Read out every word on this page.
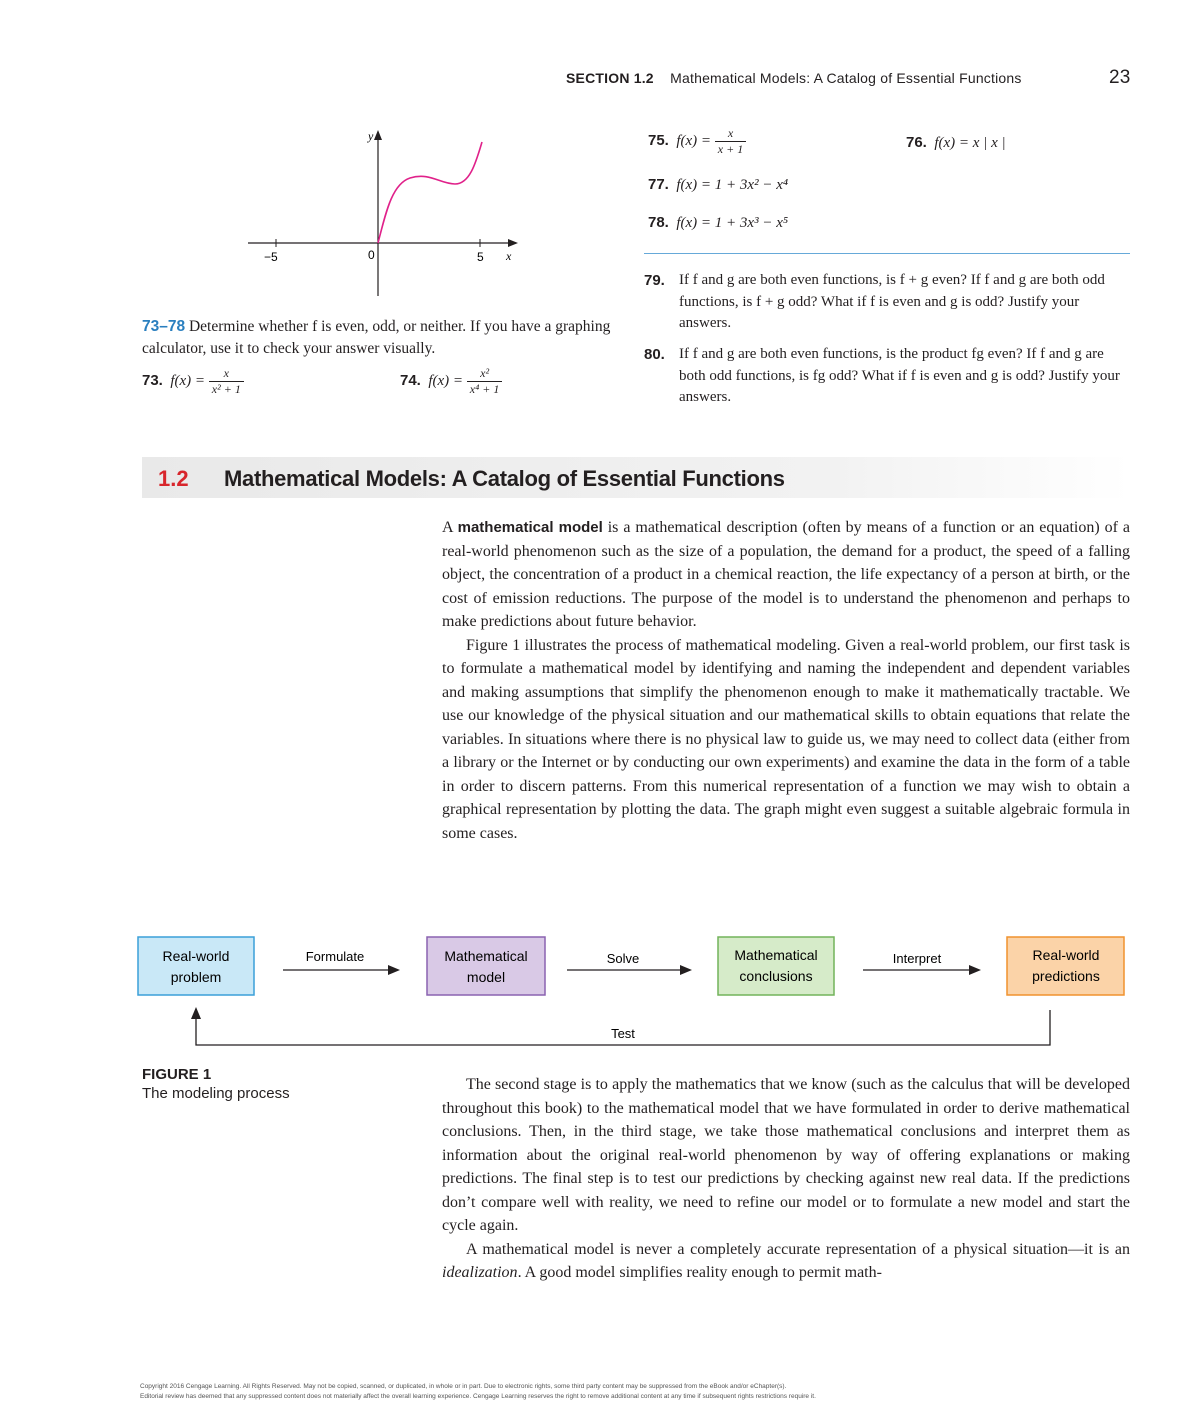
SECTION 1.2 Mathematical Models: A Catalog of Essential Functions	23
y
x
−5	0	5
73–78 Determine whether f is even, odd, or neither. If you have a graphing calculator, use it to check your answer visually.
73. $f(x) = \frac{x}{\text{x² + 1}}$	74. $f(x) = \frac{\text{x²}}{\text{x⁴ + 1}}$
75. $f(x) = \frac{x}{x + 1}$	76. f(x) = x | x |
77. f(x) = 1 + 3x² − x⁴
78. f(x) = 1 + 3x³ − x⁵
79. If f and g are both even functions, is f + g even? If f and g are both odd functions, is f + g odd? What if f is even and g is odd? Justify your answers.
80. If f and g are both even functions, is the product fg even? If f and g are both odd functions, is fg odd? What if f is even and g is odd? Justify your answers.
1.2 Mathematical Models: A Catalog of Essential Functions

A mathematical model is a mathematical description (often by means of a function or an equation) of a real-world phenomenon such as the size of a population, the demand for a product, the speed of a falling object, the concentration of a product in a chemical reaction, the life expectancy of a person at birth, or the cost of emission reductions. The purpose of the model is to understand the phenomenon and perhaps to make predictions about future behavior.

Figure 1 illustrates the process of mathematical modeling. Given a real-world problem, our first task is to formulate a mathematical model by identifying and naming the independent and dependent variables and making assumptions that simplify the phenomenon enough to make it mathematically tractable. We use our knowledge of the physical situation and our mathematical skills to obtain equations that relate the variables. In situations where there is no physical law to guide us, we may need to collect data (either from a library or the Internet or by conducting our own experiments) and examine the data in the form of a table in order to discern patterns. From this numerical representation of a function we may wish to obtain a graphical representation by plotting the data. The graph might even suggest a suitable algebraic formula in some cases.

Real-world
problem
Mathematical
model
Mathematical
conclusions
Real-world
predictions
Formulate	Solve	Interpret
Test
FIGURE 1
The modeling process

The second stage is to apply the mathematics that we know (such as the calculus that will be developed throughout this book) to the mathematical model that we have formulated in order to derive mathematical conclusions. Then, in the third stage, we take those mathematical conclusions and interpret them as information about the original real-world phenomenon by way of offering explanations or making predictions. The final step is to test our predictions by checking against new real data. If the predictions don’t compare well with reality, we need to refine our model or to formulate a new model and start the cycle again.

A mathematical model is never a completely accurate representation of a physical situation—it is an idealization. A good model simplifies reality enough to permit math-

Copyright 2016 Cengage Learning. All Rights Reserved. May not be copied, scanned, or duplicated, in whole or in part. Due to electronic rights, some third party content may be suppressed from the eBook and/or eChapter(s).
Editorial review has deemed that any suppressed content does not materially affect the overall learning experience. Cengage Learning reserves the right to remove additional content at any time if subsequent rights restrictions require it.
